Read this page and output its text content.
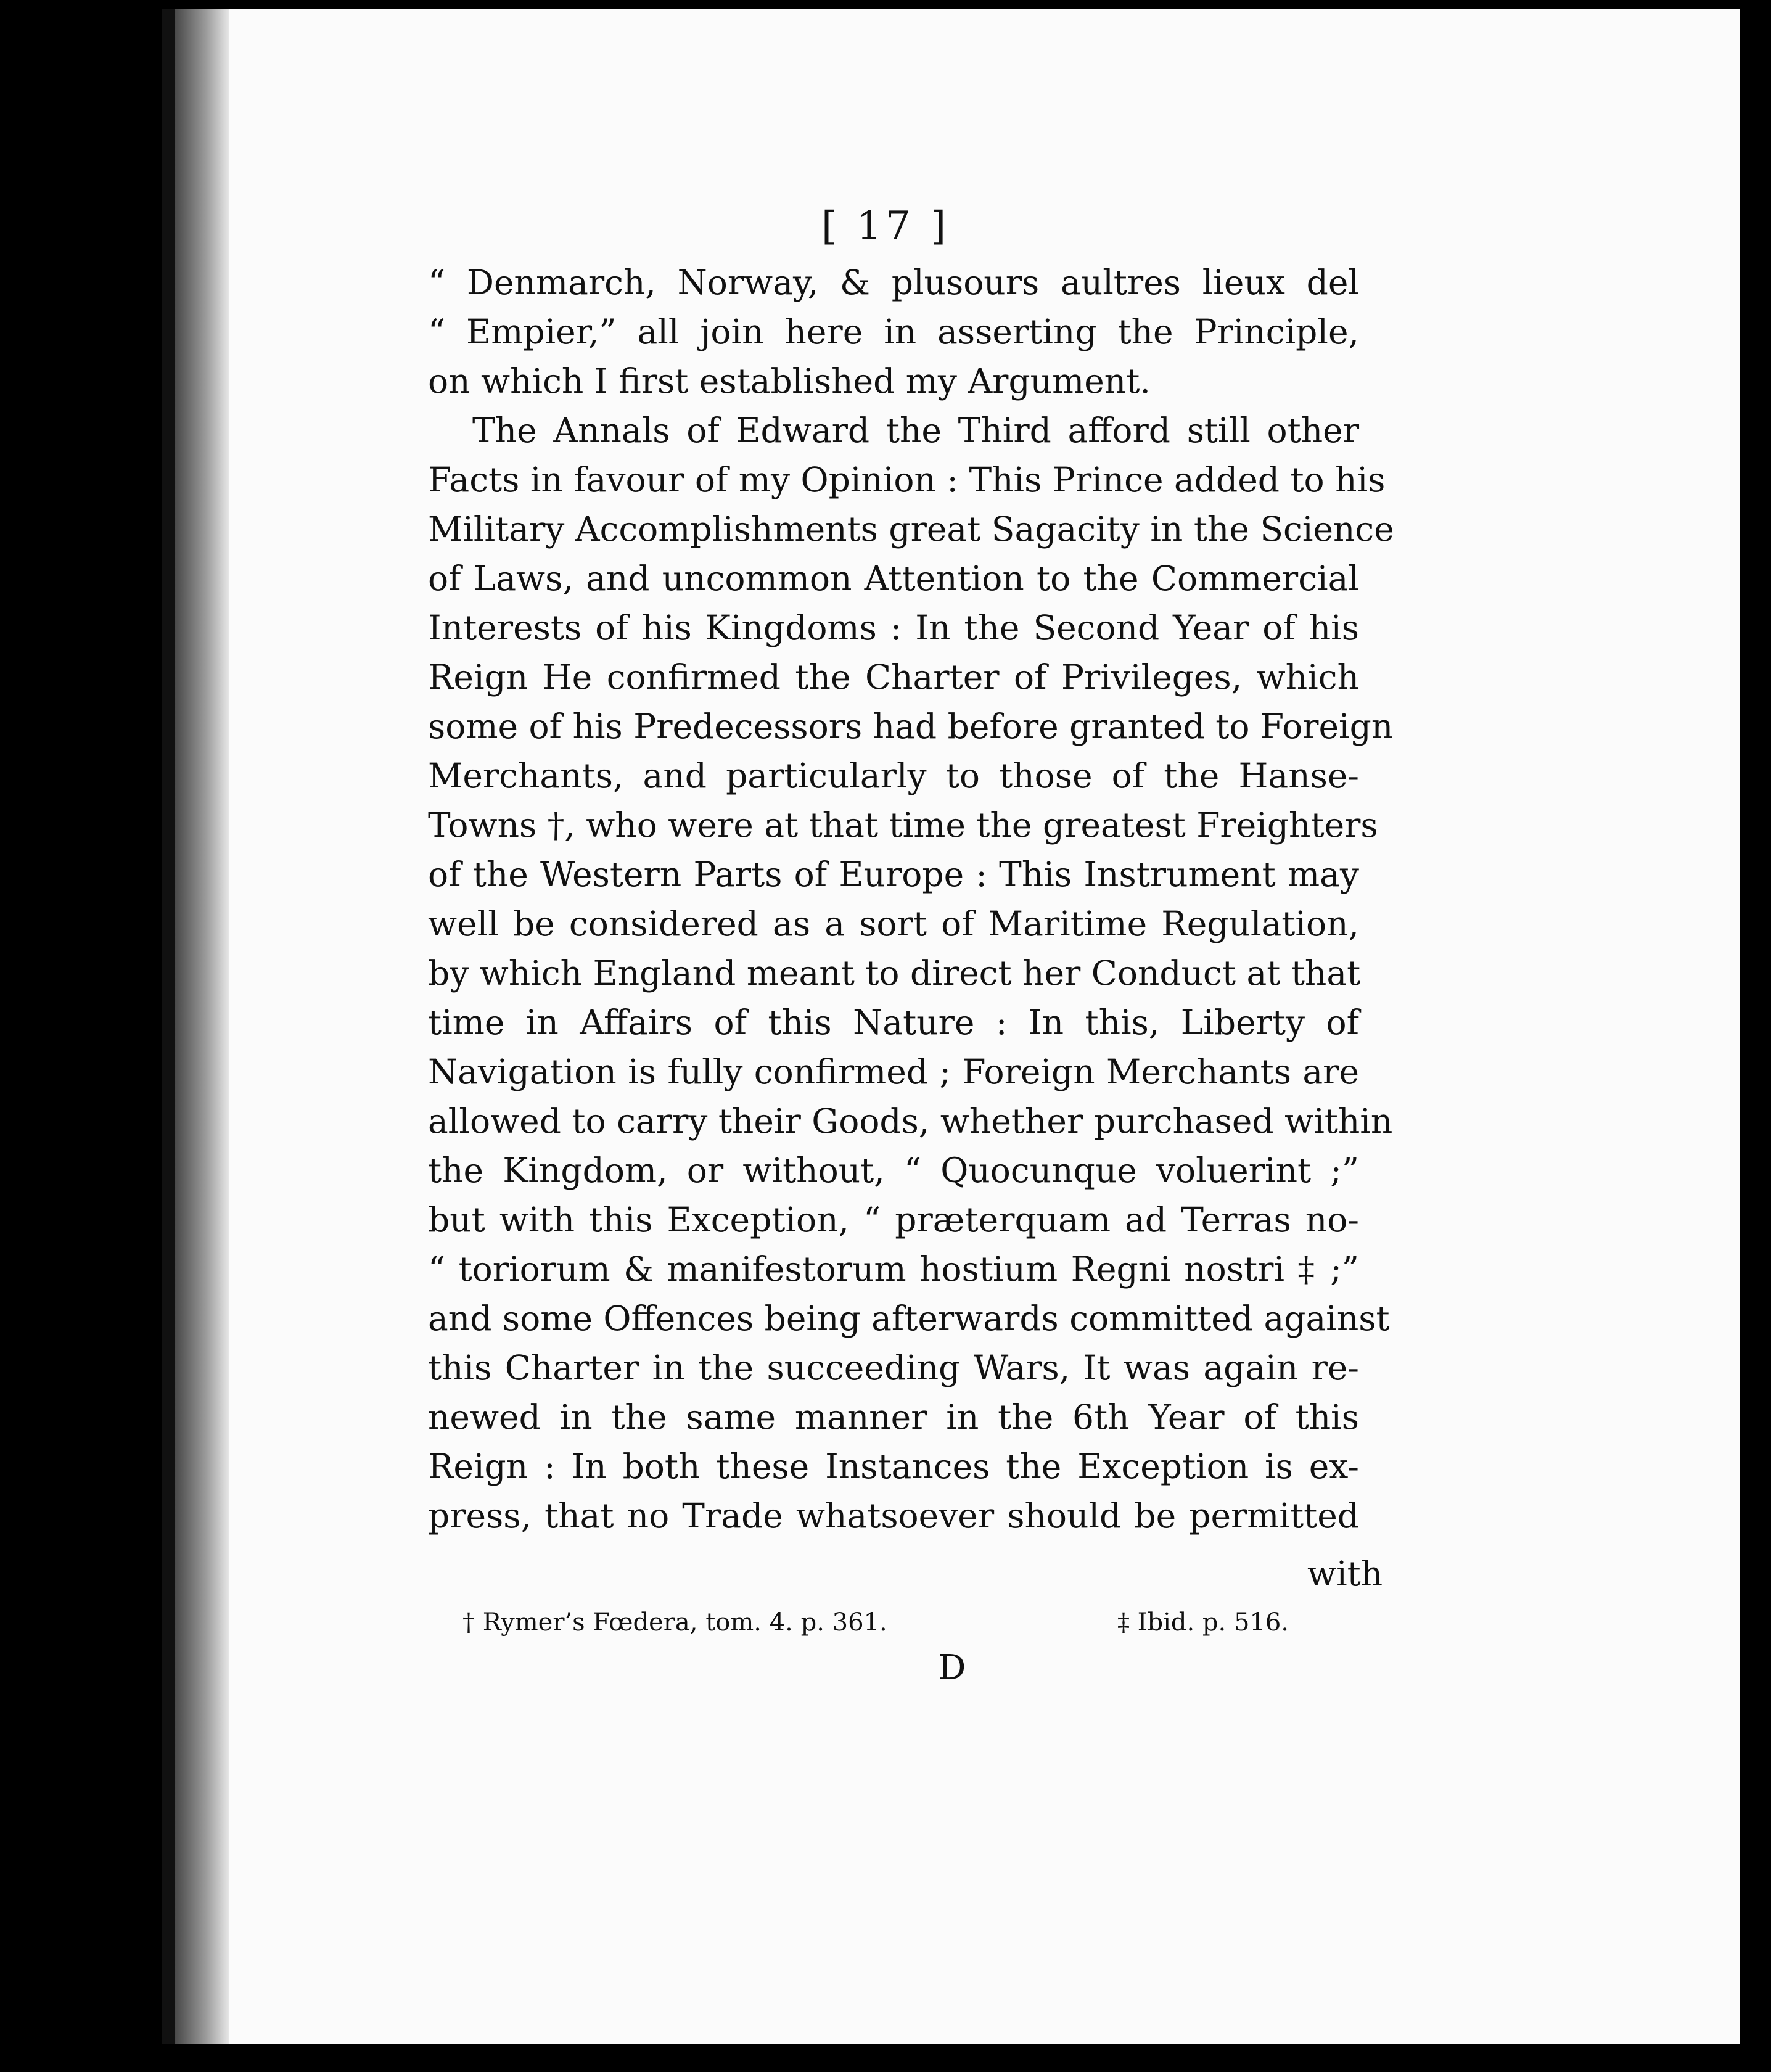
[ 17 ]
“ Denmarch, Norway, & plusours aultres lieux del
“ Empier,” all join here in asserting the Principle,
on which I first established my Argument.
The Annals of Edward the Third afford still other
Facts in favour of my Opinion : This Prince added to his
Military Accomplishments great Sagacity in the Science
of Laws, and uncommon Attention to the Commercial
Interests of his Kingdoms : In the Second Year of his
Reign He confirmed the Charter of Privileges, which
some of his Predecessors had before granted to Foreign
Merchants, and particularly to those of the Hanse-
Towns †, who were at that time the greatest Freighters
of the Western Parts of Europe : This Instrument may
well be considered as a sort of Maritime Regulation,
by which England meant to direct her Conduct at that
time in Affairs of this Nature : In this, Liberty of
Navigation is fully confirmed ; Foreign Merchants are
allowed to carry their Goods, whether purchased within
the Kingdom, or without, “ Quocunque voluerint ;”
but with this Exception, “ præterquam ad Terras no-
“ toriorum & manifestorum hostium Regni nostri ‡ ;”
and some Offences being afterwards committed against
this Charter in the succeeding Wars, It was again re-
newed in the same manner in the 6th Year of this
Reign : In both these Instances the Exception is ex-
press, that no Trade whatsoever should be permitted
with
† Rymer’s Fœdera, tom. 4. p. 361.	‡ Ibid. p. 516.
D
